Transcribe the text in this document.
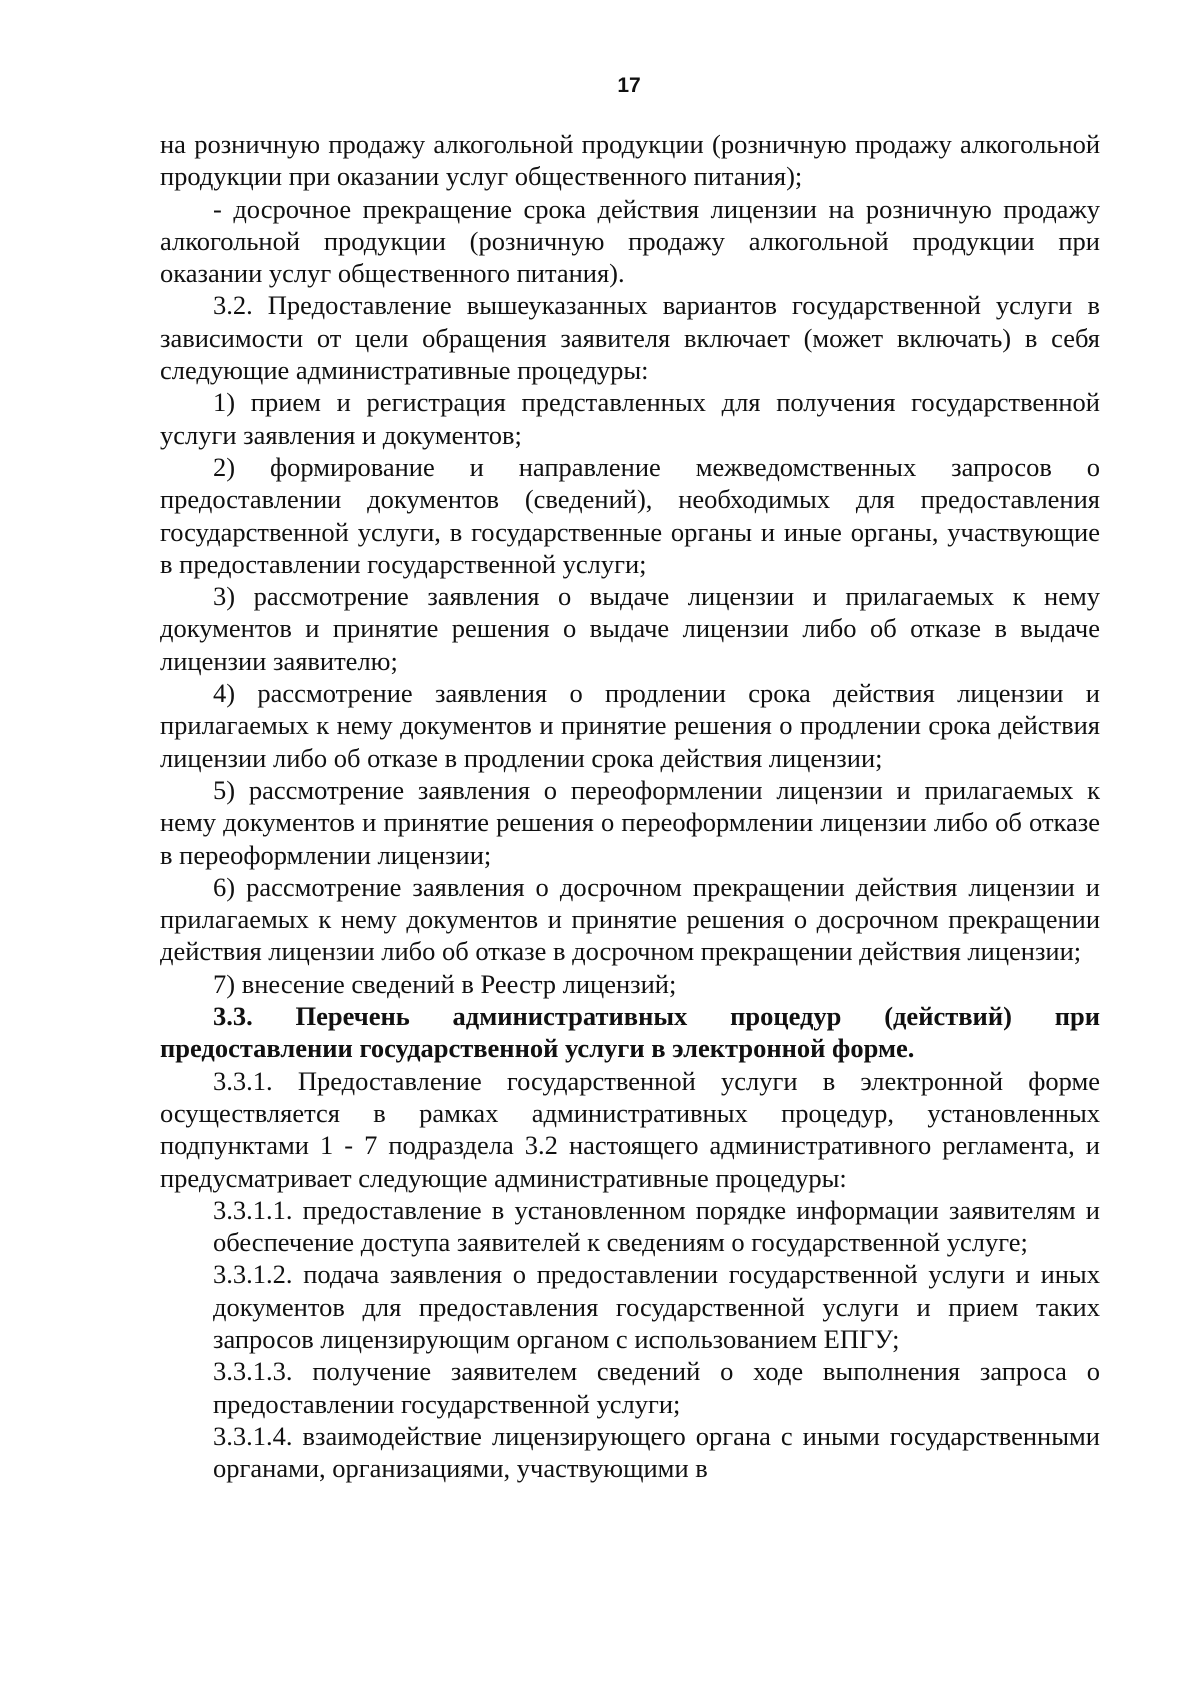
17

на розничную продажу алкогольной продукции (розничную продажу алкогольной продукции при оказании услуг общественного питания);

- досрочное прекращение срока действия лицензии на розничную продажу алкогольной продукции (розничную продажу алкогольной продукции при оказании услуг общественного питания).

3.2. Предоставление вышеуказанных вариантов государственной услуги в зависимости от цели обращения заявителя включает (может включать) в себя следующие административные процедуры:

1) прием и регистрация представленных для получения государственной услуги заявления и документов;

2) формирование и направление межведомственных запросов о предоставлении документов (сведений), необходимых для предоставления государственной услуги, в государственные органы и иные органы, участвующие в предоставлении государственной услуги;

3) рассмотрение заявления о выдаче лицензии и прилагаемых к нему документов и принятие решения о выдаче лицензии либо об отказе в выдаче лицензии заявителю;

4) рассмотрение заявления о продлении срока действия лицензии и прилагаемых к нему документов и принятие решения о продлении срока действия лицензии либо об отказе в продлении срока действия лицензии;

5) рассмотрение заявления о переоформлении лицензии и прилагаемых к нему документов и принятие решения о переоформлении лицензии либо об отказе в переоформлении лицензии;

6) рассмотрение заявления о досрочном прекращении действия лицензии и прилагаемых к нему документов и принятие решения о досрочном прекращении действия лицензии либо об отказе в досрочном прекращении действия лицензии;

7) внесение сведений в Реестр лицензий;

3.3. Перечень административных процедур (действий) при предоставлении государственной услуги в электронной форме.

3.3.1. Предоставление государственной услуги в электронной форме осуществляется в рамках административных процедур, установленных подпунктами 1 - 7 подраздела 3.2 настоящего административного регламента, и предусматривает следующие административные процедуры:

3.3.1.1. предоставление в установленном порядке информации заявителям и обеспечение доступа заявителей к сведениям о государственной услуге;

3.3.1.2. подача заявления о предоставлении государственной услуги и иных документов для предоставления государственной услуги и прием таких запросов лицензирующим органом с использованием ЕПГУ;

3.3.1.3. получение заявителем сведений о ходе выполнения запроса о предоставлении государственной услуги;

3.3.1.4. взаимодействие лицензирующего органа с иными государственными органами, организациями, участвующими в
